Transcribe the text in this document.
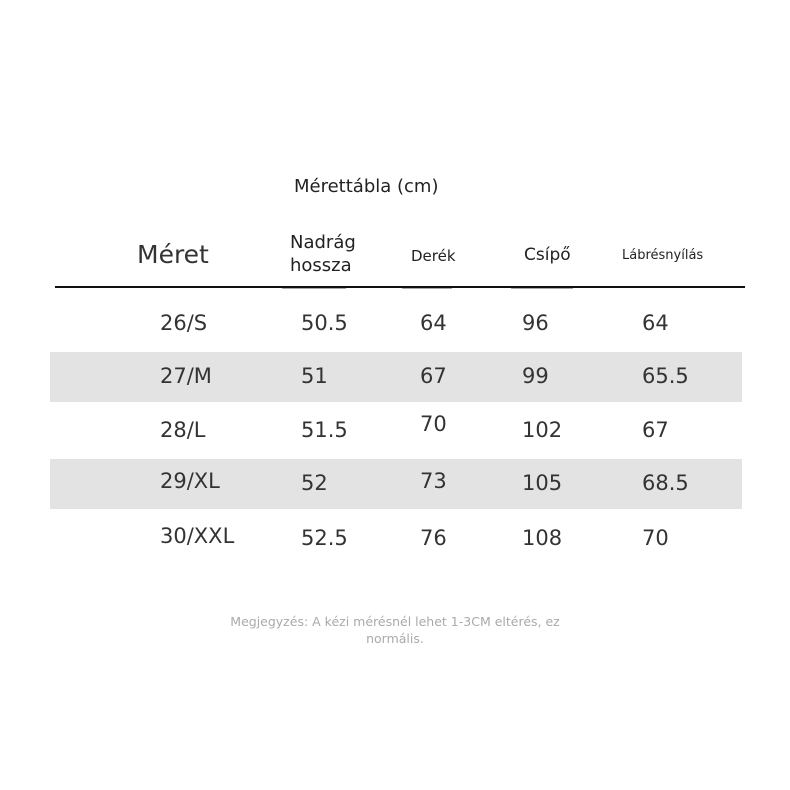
Mérettábla (cm)
Méret	Nadrág hossza	Derék	Csípő	Lábrésnyílás
26/S	50.5	64	96	64
27/M	51	67	99	65.5
28/L	51.5	70	102	67
29/XL	52	73	105	68.5
30/XXL	52.5	76	108	70
Megjegyzés: A kézi mérésnél lehet 1-3CM eltérés, ez normális.
